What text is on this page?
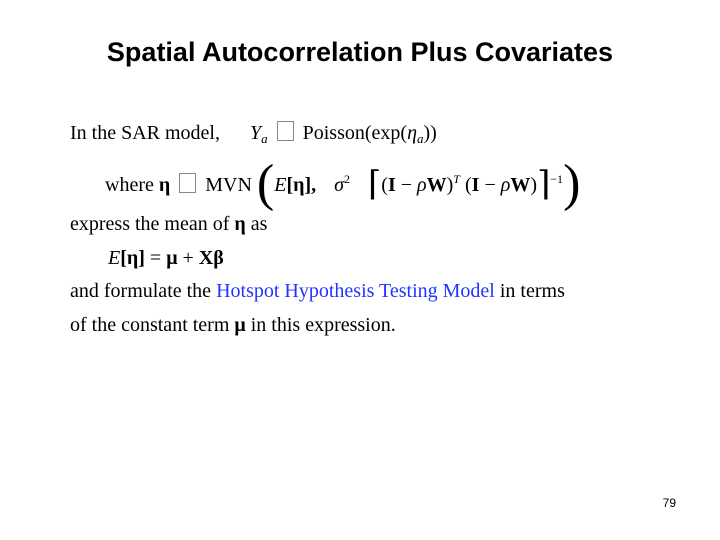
Spatial Autocorrelation Plus Covariates
In the SAR model, $Y_a$ $Poisson(\exp(\eta_a))$
where η MVN (E[η], $\sigma^2$ ⌈(I − ρW)$^T$ (I − ρW)⌉$^{-1}$)
express the mean of η as
E[η] = μ + Xβ
and formulate the Hotspot Hypothesis Testing Model in terms
of the constant term μ in this expression.
79
